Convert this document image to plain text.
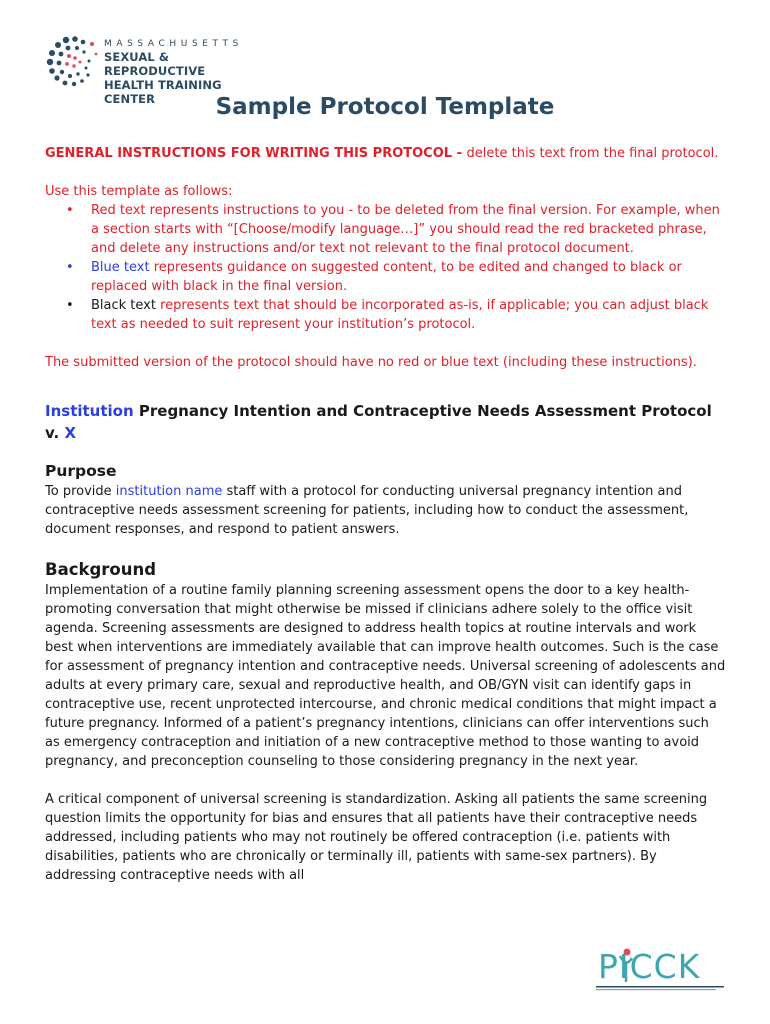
MASSACHUSETTS
SEXUAL & REPRODUCTIVE
HEALTH TRAINING CENTER	Sample Protocol Template

GENERAL INSTRUCTIONS FOR WRITING THIS PROTOCOL - delete this text from the final protocol.

Use this template as follows:

• Red text represents instructions to you - to be deleted from the final version. For example, when a section starts with “[Choose/modify language…]” you should read the red bracketed phrase, and delete any instructions and/or text not relevant to the final protocol document.
• Blue text represents guidance on suggested content, to be edited and changed to black or replaced with black in the final version.
• Black text represents text that should be incorporated as-is, if applicable; you can adjust black text as needed to suit represent your institution’s protocol.

The submitted version of the protocol should have no red or blue text (including these instructions).

Institution Pregnancy Intention and Contraceptive Needs Assessment Protocol v. X

Purpose

To provide institution name staff with a protocol for conducting universal pregnancy intention and contraceptive needs assessment screening for patients, including how to conduct the assessment, document responses, and respond to patient answers.

Background

Implementation of a routine family planning screening assessment opens the door to a key health-promoting conversation that might otherwise be missed if clinicians adhere solely to the office visit agenda. Screening assessments are designed to address health topics at routine intervals and work best when interventions are immediately available that can improve health outcomes. Such is the case for assessment of pregnancy intention and contraceptive needs. Universal screening of adolescents and adults at every primary care, sexual and reproductive health, and OB/GYN visit can identify gaps in contraceptive use, recent unprotected intercourse, and chronic medical conditions that might impact a future pregnancy. Informed of a patient’s pregnancy intentions, clinicians can offer interventions such as emergency contraception and initiation of a new contraceptive method to those wanting to avoid pregnancy, and preconception counseling to those considering pregnancy in the next year.

A critical component of universal screening is standardization. Asking all patients the same screening question limits the opportunity for bias and ensures that all patients have their contraceptive needs addressed, including patients who may not routinely be offered contraception (i.e. patients with disabilities, patients who are chronically or terminally ill, patients with same-sex partners). By addressing contraceptive needs with all

PICCK
